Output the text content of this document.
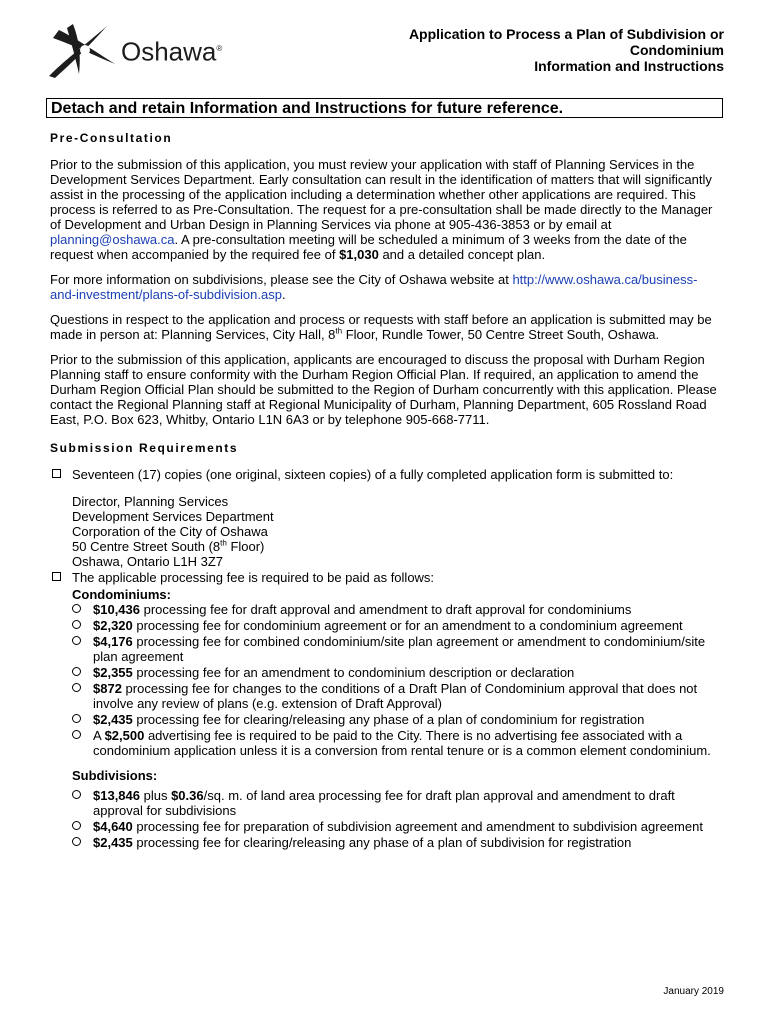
Oshawa®
Application to Process a Plan of Subdivision or
Condominium
Information and Instructions
Detach and retain Information and Instructions for future reference.

Pre-Consultation

Prior to the submission of this application, you must review your application with staff of Planning Services in the Development Services Department. Early consultation can result in the identification of matters that will significantly assist in the processing of the application including a determination whether other applications are required. This process is referred to as Pre-Consultation. The request for a pre-consultation shall be made directly to the Manager of Development and Urban Design in Planning Services via phone at 905-436-3853 or by email at planning@oshawa.ca. A pre-consultation meeting will be scheduled a minimum of 3 weeks from the date of the request when accompanied by the required fee of $1,030 and a detailed concept plan.

For more information on subdivisions, please see the City of Oshawa website at http://www.oshawa.ca/business-and-investment/plans-of-subdivision.asp.

Questions in respect to the application and process or requests with staff before an application is submitted may be made in person at: Planning Services, City Hall, 8th Floor, Rundle Tower, 50 Centre Street South, Oshawa.

Prior to the submission of this application, applicants are encouraged to discuss the proposal with Durham Region Planning staff to ensure conformity with the Durham Region Official Plan. If required, an application to amend the Durham Region Official Plan should be submitted to the Region of Durham concurrently with this application. Please contact the Regional Planning staff at Regional Municipality of Durham, Planning Department, 605 Rossland Road East, P.O. Box 623, Whitby, Ontario L1N 6A3 or by telephone 905-668-7711.

Submission Requirements

Seventeen (17) copies (one original, sixteen copies) of a fully completed application form is submitted to:
Director, Planning Services
Development Services Department
Corporation of the City of Oshawa
50 Centre Street South (8th Floor)
Oshawa, Ontario L1H 3Z7
The applicable processing fee is required to be paid as follows:
Condominiums:
$10,436 processing fee for draft approval and amendment to draft approval for condominiums
$2,320 processing fee for condominium agreement or for an amendment to a condominium agreement
$4,176 processing fee for combined condominium/site plan agreement or amendment to condominium/site plan agreement
$2,355 processing fee for an amendment to condominium description or declaration
$872 processing fee for changes to the conditions of a Draft Plan of Condominium approval that does not involve any review of plans (e.g. extension of Draft Approval)
$2,435 processing fee for clearing/releasing any phase of a plan of condominium for registration
A $2,500 advertising fee is required to be paid to the City. There is no advertising fee associated with a condominium application unless it is a conversion from rental tenure or is a common element condominium.
Subdivisions:
$13,846 plus $0.36/sq. m. of land area processing fee for draft plan approval and amendment to draft approval for subdivisions
$4,640 processing fee for preparation of subdivision agreement and amendment to subdivision agreement
$2,435 processing fee for clearing/releasing any phase of a plan of subdivision for registration
January 2019
